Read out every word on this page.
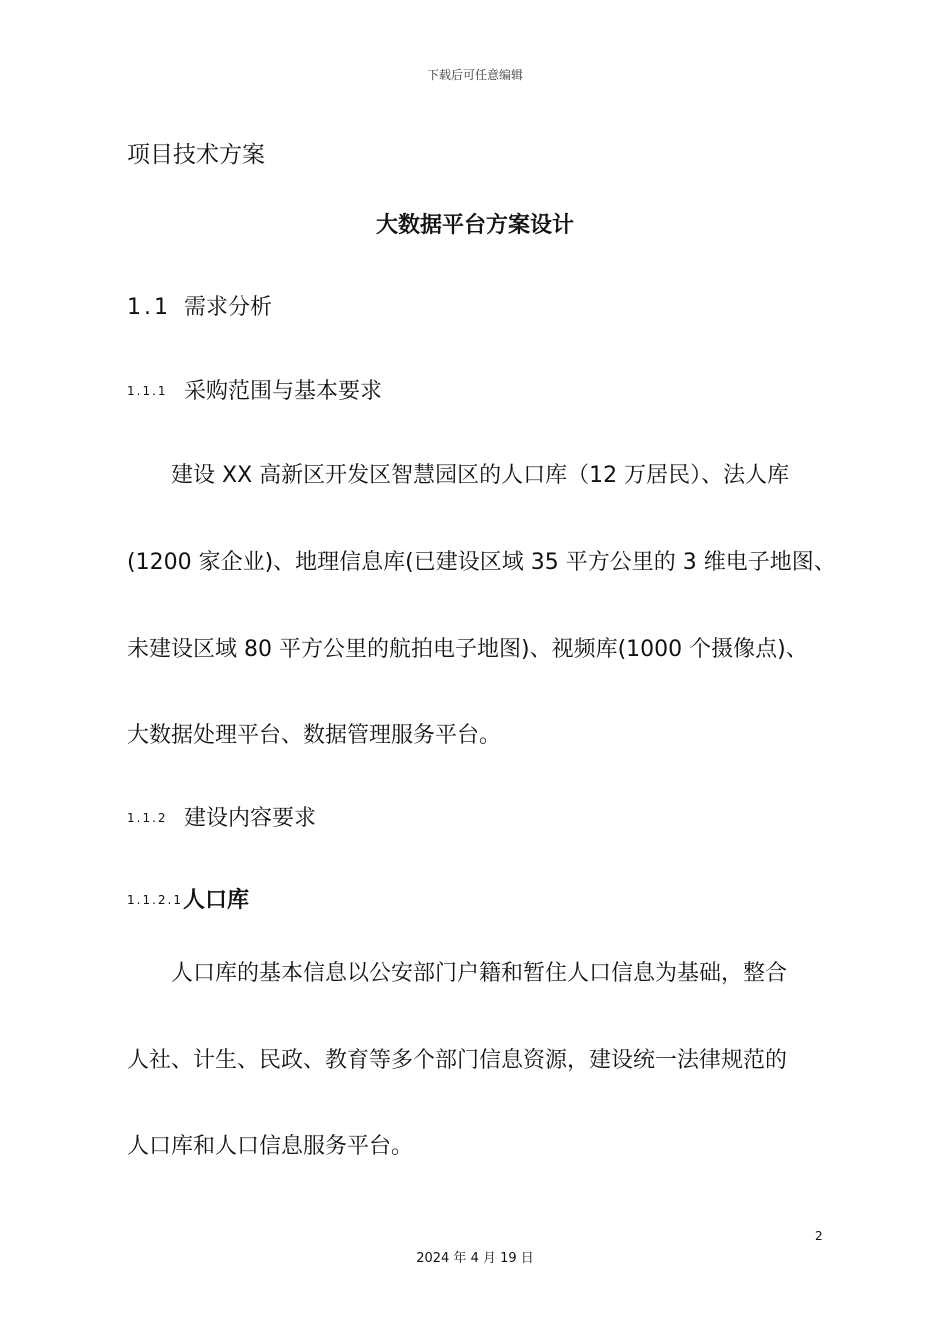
下载后可任意编辑
项目技术方案
大数据平台方案设计
1.1 需求分析
1.1.1 采购范围与基本要求
　　建设 XX 高新区开发区智慧园区的人口库（12 万居民）、法人库
(1200 家企业)、地理信息库(已建设区域 35 平方公里的 3 维电子地图、
未建设区域 80 平方公里的航拍电子地图)、视频库(1000 个摄像点)、
大数据处理平台、数据管理服务平台。
1.1.2 建设内容要求
1.1.2.1人口库
　　人口库的基本信息以公安部门户籍和暂住人口信息为基础，整合
人社、计生、民政、教育等多个部门信息资源，建设统一法律规范的
人口库和人口信息服务平台。
2
2024 年 4 月 19 日
